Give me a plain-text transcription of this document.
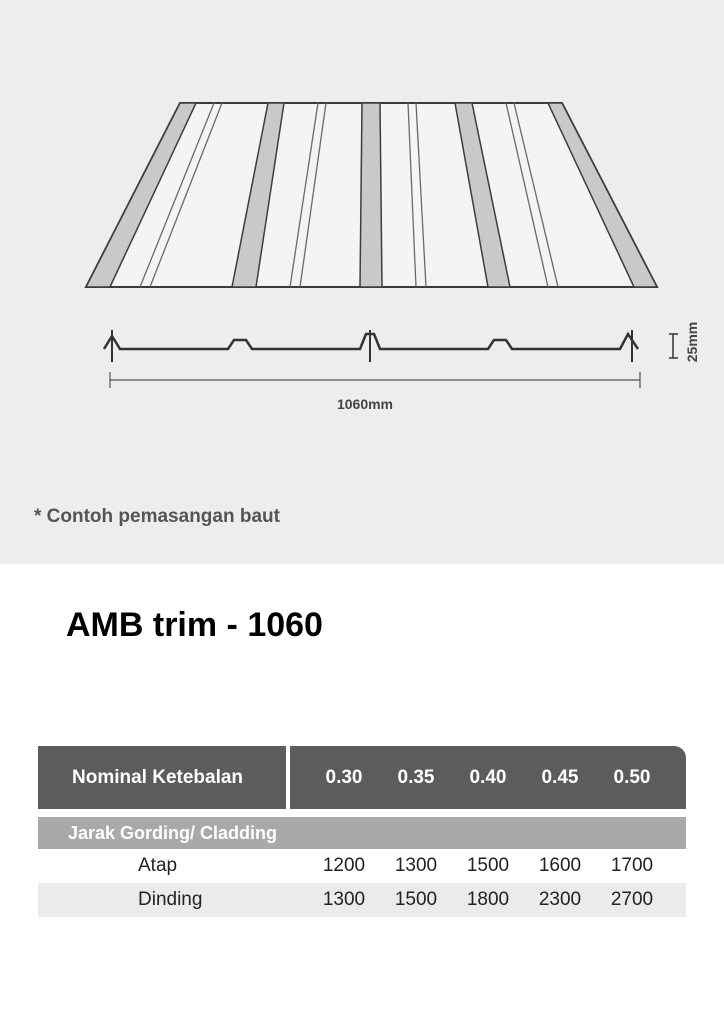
1060mm
25mm
* Contoh pemasangan baut
AMB trim - 1060
Nominal Ketebalan	0.30	0.35	0.40	0.45	0.50
Jarak Gording/ Cladding
Atap	1200	1300	1500	1600	1700
Dinding	1300	1500	1800	2300	2700
